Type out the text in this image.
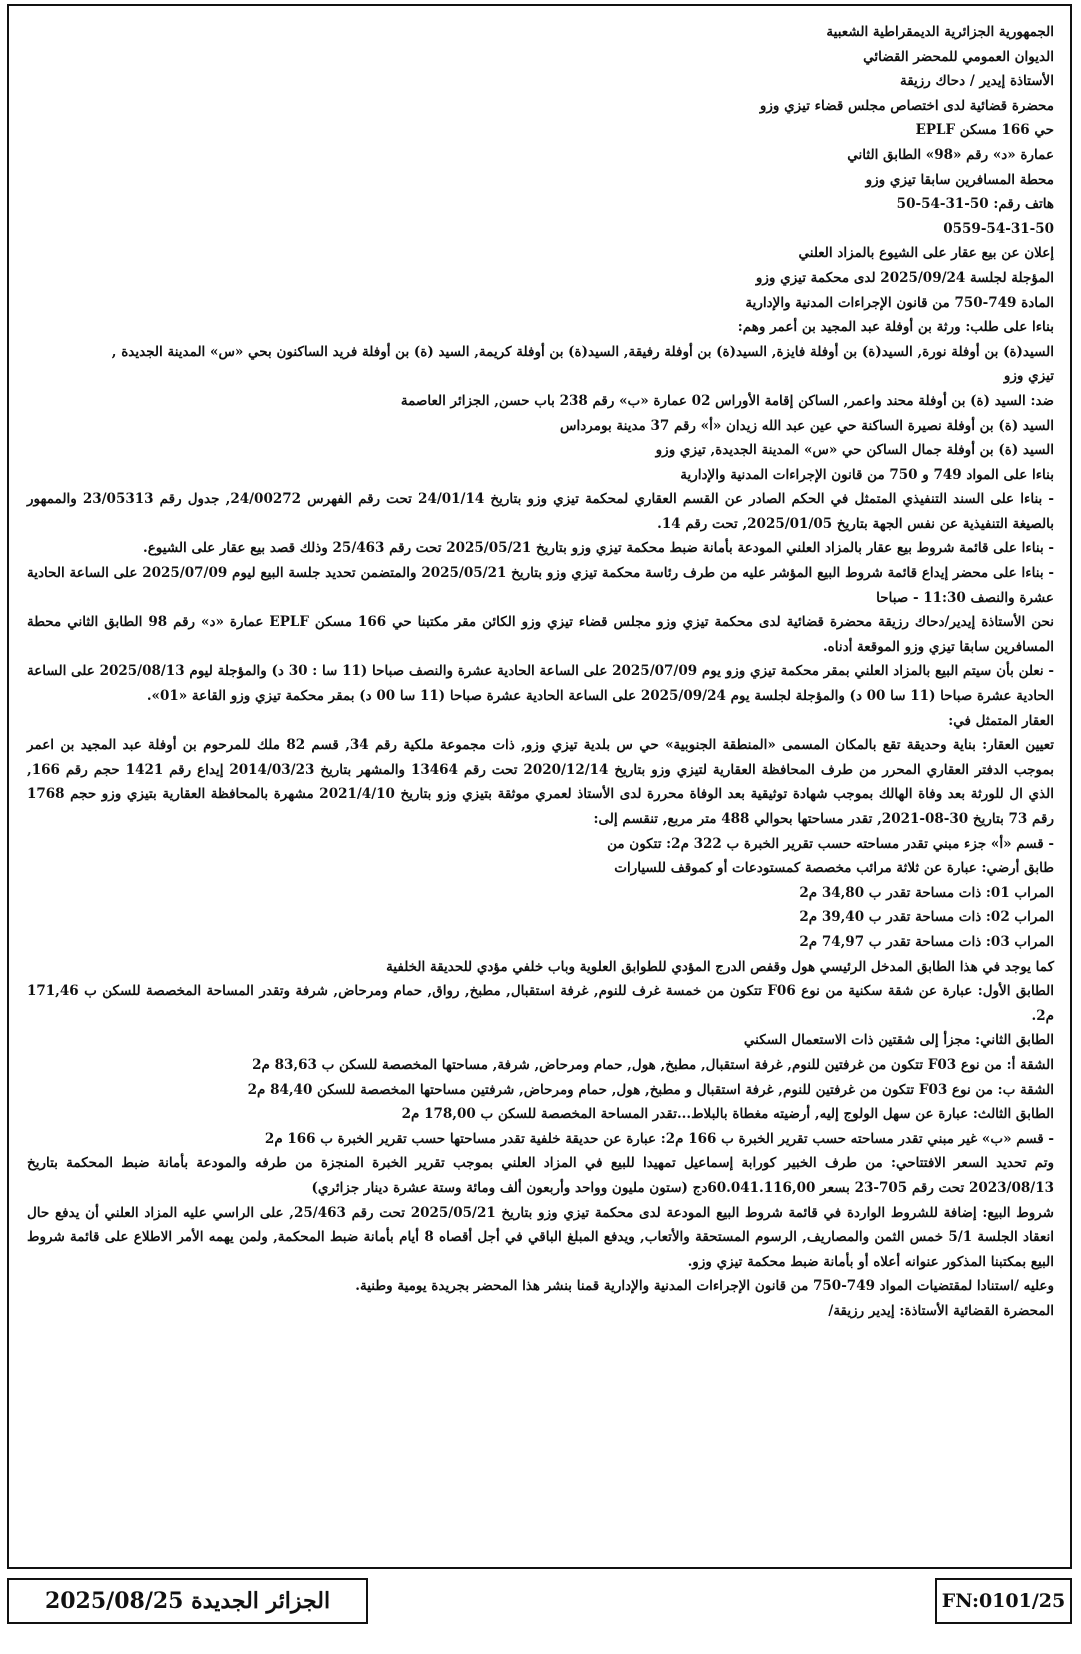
الجمهورية الجزائرية الديمقراطية الشعبية

الديوان العمومي للمحضر القضائي

الأستاذة إيدير / دحاك رزيقة

محضرة قضائية لدى اختصاص مجلس قضاء تيزي وزو

حي 166 مسكن EPLF

عمارة «د» رقم «98» الطابق الثاني

محطة المسافرين سابقا تيزي وزو

هاتف رقم: 50-31-54-50

0559-54-31-50

إعلان عن بيع عقار على الشيوع بالمزاد العلني

المؤجلة لجلسة 2025/09/24 لدى محكمة تيزي وزو

المادة 749-750 من قانون الإجراءات المدنية والإدارية

بناءا على طلب: ورثة بن أوفلة عبد المجيد بن أعمر وهم:

السيد(ة) بن أوفلة نورة, السيد(ة) بن أوفلة فايزة, السيد(ة) بن أوفلة رفيقة, السيد(ة) بن أوفلة كريمة, السيد (ة) بن أوفلة فريد الساكنون بحي «س» المدينة الجديدة ,

تيزي وزو

ضد: السيد (ة) بن أوفلة محند واعمر, الساكن إقامة الأوراس 02 عمارة «ب» رقم 238 باب حسن, الجزائر العاصمة

السيد (ة) بن أوفلة نصيرة الساكنة حي عين عبد الله زيدان «أ» رقم 37 مدينة بومرداس

السيد (ة) بن أوفلة جمال الساكن حي «س» المدينة الجديدة, تيزي وزو

بناءا على المواد 749 و 750 من قانون الإجراءات المدنية والإدارية

- بناءا على السند التنفيذي المتمثل في الحكم الصادر عن القسم العقاري لمحكمة تيزي وزو بتاريخ 24/01/14 تحت رقم الفهرس 24/00272, جدول رقم 23/05313 والممهور بالصيغة التنفيذية عن نفس الجهة بتاريخ 2025/01/05, تحت رقم 14.

- بناءا على قائمة شروط بيع عقار بالمزاد العلني المودعة بأمانة ضبط محكمة تيزي وزو بتاريخ 2025/05/21 تحت رقم 25/463 وذلك قصد بيع عقار على الشيوع.

- بناءا على محضر إيداع قائمة شروط البيع المؤشر عليه من طرف رئاسة محكمة تيزي وزو بتاريخ 2025/05/21 والمتضمن تحديد جلسة البيع ليوم 2025/07/09 على الساعة الحادية عشرة والنصف 11:30 - صباحا

نحن الأستاذة إيدير/دحاك رزيقة محضرة قضائية لدى محكمة تيزي وزو مجلس قضاء تيزي وزو الكائن مقر مكتبنا حي 166 مسكن EPLF عمارة «د» رقم 98 الطابق الثاني محطة المسافرين سابقا تيزي وزو الموقعة أدناه.

- نعلن بأن سيتم البيع بالمزاد العلني بمقر محكمة تيزي وزو يوم 2025/07/09 على الساعة الحادية عشرة والنصف صباحا (11 سا : 30 د) والمؤجلة ليوم 2025/08/13 على الساعة الحادية عشرة صباحا (11 سا 00 د) والمؤجلة لجلسة يوم 2025/09/24 على الساعة الحادية عشرة صباحا (11 سا 00 د) بمقر محكمة تيزي وزو القاعة «01».

العقار المتمثل في:

تعيين العقار: بناية وحديقة تقع بالمكان المسمى «المنطقة الجنوبية» حي س بلدية تيزي وزو, ذات مجموعة ملكية رقم 34, قسم 82 ملك للمرحوم بن أوفلة عبد المجيد بن اعمر بموجب الدفتر العقاري المحرر من طرف المحافظة العقارية لتيزي وزو بتاريخ 2020/12/14 تحت رقم 13464 والمشهر بتاريخ 2014/03/23 إيداع رقم 1421 حجم رقم 166, الذي ال للورثة بعد وفاة الهالك بموجب شهادة توثيقية بعد الوفاة محررة لدى الأستاذ لعمري موثقة بتيزي وزو بتاريخ 2021/4/10 مشهرة بالمحافظة العقارية بتيزي وزو حجم 1768 رقم 73 بتاريخ 30-08-2021, تقدر مساحتها بحوالي 488 متر مربع, تنقسم إلى:

- قسم «أ» جزء مبني تقدر مساحته حسب تقرير الخبرة ب 322 م2: تتكون من

طابق أرضي: عبارة عن ثلاثة مرائب مخصصة كمستودعات أو كموقف للسيارات

المراب 01: ذات مساحة تقدر ب 34,80 م2

المراب 02: ذات مساحة تقدر ب 39,40 م2

المراب 03: ذات مساحة تقدر ب 74,97 م2

كما يوجد في هذا الطابق المدخل الرئيسي هول وقفص الدرج المؤدي للطوابق العلوية وباب خلفي مؤدي للحديقة الخلفية

الطابق الأول: عبارة عن شقة سكنية من نوع F06 تتكون من خمسة غرف للنوم, غرفة استقبال, مطبخ, رواق, حمام ومرحاض, شرفة وتقدر المساحة المخصصة للسكن ب 171,46 م2.

الطابق الثاني: مجزأ إلى شقتين ذات الاستعمال السكني

الشقة أ: من نوع F03 تتكون من غرفتين للنوم, غرفة استقبال, مطبخ, هول, حمام ومرحاض, شرفة, مساحتها المخصصة للسكن ب 83,63 م2

الشقة ب: من نوع F03 تتكون من غرفتين للنوم, غرفة استقبال و مطبخ, هول, حمام ومرحاض, شرفتين مساحتها المخصصة للسكن 84,40 م2

الطابق الثالث: عبارة عن سهل الولوج إليه, أرضيته مغطاة بالبلاط...تقدر المساحة المخصصة للسكن ب 178,00 م2

- قسم «ب» غير مبني تقدر مساحته حسب تقرير الخبرة ب 166 م2: عبارة عن حديقة خلفية تقدر مساحتها حسب تقرير الخبرة ب 166 م2

وتم تحديد السعر الافتتاحي: من طرف الخبير كورابة إسماعيل تمهيدا للبيع في المزاد العلني بموجب تقرير الخبرة المنجزة من طرفه والمودعة بأمانة ضبط المحكمة بتاريخ 2023/08/13 تحت رقم 705-23 بسعر 60.041.116,00دج (ستون مليون وواحد وأربعون ألف ومائة وستة عشرة دينار جزائري)

شروط البيع: إضافة للشروط الواردة في قائمة شروط البيع المودعة لدى محكمة تيزي وزو بتاريخ 2025/05/21 تحت رقم 25/463, على الراسي عليه المزاد العلني أن يدفع حال انعقاد الجلسة 5/1 خمس الثمن والمصاريف, الرسوم المستحقة والأتعاب, ويدفع المبلغ الباقي في أجل أقصاه 8 أيام بأمانة ضبط المحكمة, ولمن يهمه الأمر الاطلاع على قائمة شروط البيع بمكتبنا المذكور عنوانه أعلاه أو بأمانة ضبط محكمة تيزي وزو.

وعليه /استنادا لمقتضيات المواد 749-750 من قانون الإجراءات المدنية والإدارية قمنا بنشر هذا المحضر بجريدة يومية وطنية.

المحضرة القضائية الأستاذة: إيدير رزيقة/

الجزائر الجديدة 2025/08/25	FN:0101/25
